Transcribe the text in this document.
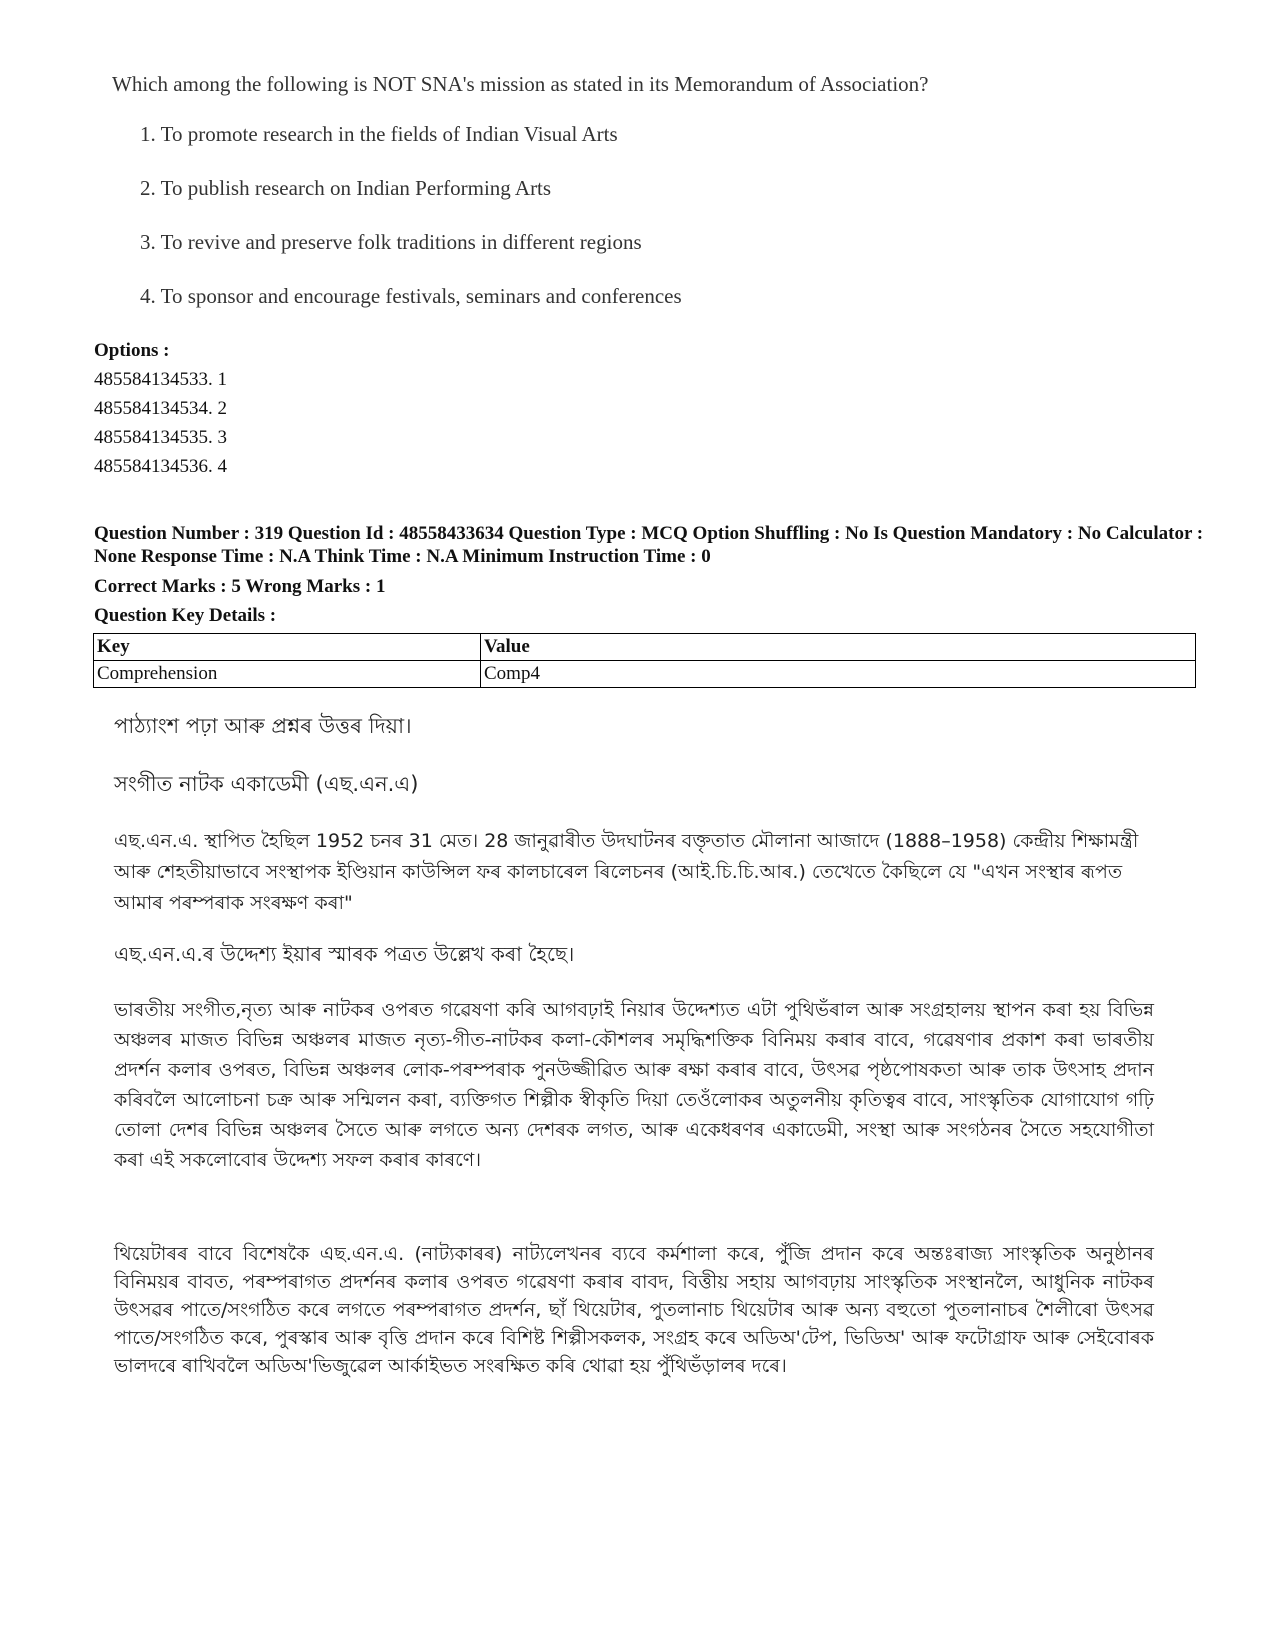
Which among the following is NOT SNA's mission as stated in its Memorandum of Association?
1. To promote research in the fields of Indian Visual Arts
2. To publish research on Indian Performing Arts
3. To revive and preserve folk traditions in different regions
4. To sponsor and encourage festivals, seminars and conferences
Options :
485584134533. 1
485584134534. 2
485584134535. 3
485584134536. 4
Question Number : 319 Question Id : 48558433634 Question Type : MCQ Option Shuffling : No Is Question Mandatory : No Calculator : None Response Time : N.A Think Time : N.A Minimum Instruction Time : 0
Correct Marks : 5 Wrong Marks : 1
Question Key Details :
Key	Value
Comprehension	Comp4
পাঠ্যাংশ পঢ়া আৰু প্ৰশ্নৰ উত্তৰ দিয়া।
সংগীত নাটক একাডেমী (এছ.এন.এ)
এছ.এন.এ. স্থাপিত হৈছিল 1952 চনৰ 31 মেত। 28 জানুৱাৰীত উদঘাটনৰ বক্তৃতাত মৌলানা আজাদে (1888–1958) কেন্দ্ৰীয় শিক্ষামন্ত্ৰী আৰু শেহতীয়াভাবে সংস্থাপক ইণ্ডিয়ান কাউন্সিল ফৰ কালচাৰেল ৰিলেচনৰ (আই.চি.চি.আৰ.) তেখেতে কৈছিলে যে "এখন সংস্থাৰ ৰূপত আমাৰ পৰম্পৰাক সংৰক্ষণ কৰা"
এছ.এন.এ.ৰ উদ্দেশ্য ইয়াৰ স্মাৰক পত্ৰত উল্লেখ কৰা হৈছে।
ভাৰতীয় সংগীত,নৃত্য আৰু নাটকৰ ওপৰত গৱেষণা কৰি আগবঢ়াই নিয়াৰ উদ্দেশ্যত এটা পুথিভঁৰাল আৰু সংগ্ৰহালয় স্থাপন কৰা হয় বিভিন্ন অঞ্চলৰ মাজত বিভিন্ন অঞ্চলৰ মাজত নৃত্য-গীত-নাটকৰ কলা-কৌশলৰ সমৃদ্ধিশক্তিক বিনিময় কৰাৰ বাবে, গৱেষণাৰ প্ৰকাশ কৰা ভাৰতীয় প্ৰদৰ্শন কলাৰ ওপৰত, বিভিন্ন অঞ্চলৰ লোক-পৰম্পৰাক পুনউজ্জীৱিত আৰু ৰক্ষা কৰাৰ বাবে, উৎসৱ পৃষ্ঠপোষকতা আৰু তাক উৎসাহ প্ৰদান কৰিবলৈ আলোচনা চক্ৰ আৰু সন্মিলন কৰা, ব্যক্তিগত শিল্পীক স্বীকৃতি দিয়া তেওঁলোকৰ অতুলনীয় কৃতিত্বৰ বাবে, সাংস্কৃতিক যোগাযোগ গঢ়ি তোলা দেশৰ বিভিন্ন অঞ্চলৰ সৈতে আৰু লগতে অন্য দেশৰক লগত, আৰু একেধৰণৰ একাডেমী, সংস্থা আৰু সংগঠনৰ সৈতে সহযোগীতা কৰা এই সকলোবোৰ উদ্দেশ্য সফল কৰাৰ কাৰণে।
থিয়েটাৰৰ বাবে বিশেষকৈ এছ.এন.এ. (নাট্যকাৰৰ) নাট্যলেখনৰ ব্যবে কৰ্মশালা কৰে, পুঁজি প্ৰদান কৰে অন্তঃৰাজ্য সাংস্কৃতিক অনুষ্ঠানৰ বিনিময়ৰ বাবত, পৰম্পৰাগত প্ৰদৰ্শনৰ কলাৰ ওপৰত গৱেষণা কৰাৰ বাবদ, বিত্তীয় সহায় আগবঢ়ায় সাংস্কৃতিক সংস্থানলৈ, আধুনিক নাটকৰ উৎসৱৰ পাতে/সংগঠিত কৰে লগতে পৰম্পৰাগত প্ৰদৰ্শন, ছাঁ থিয়েটাৰ, পুতলানাচ থিয়েটাৰ আৰু অন্য বহুতো পুতলানাচৰ শৈলীৰো উৎসৱ পাতে/সংগঠিত কৰে, পুৰস্কাৰ আৰু বৃত্তি প্ৰদান কৰে বিশিষ্ট শিল্পীসকলক, সংগ্ৰহ কৰে অডিঅ'টেপ, ভিডিঅ' আৰু ফটোগ্ৰাফ আৰু সেইবোৰক ভালদৰে ৰাখিবলৈ অডিঅ'ভিজুৱেল আৰ্কাইভত সংৰক্ষিত কৰি থোৱা হয় পুঁথিভঁড়ালৰ দৰে।
